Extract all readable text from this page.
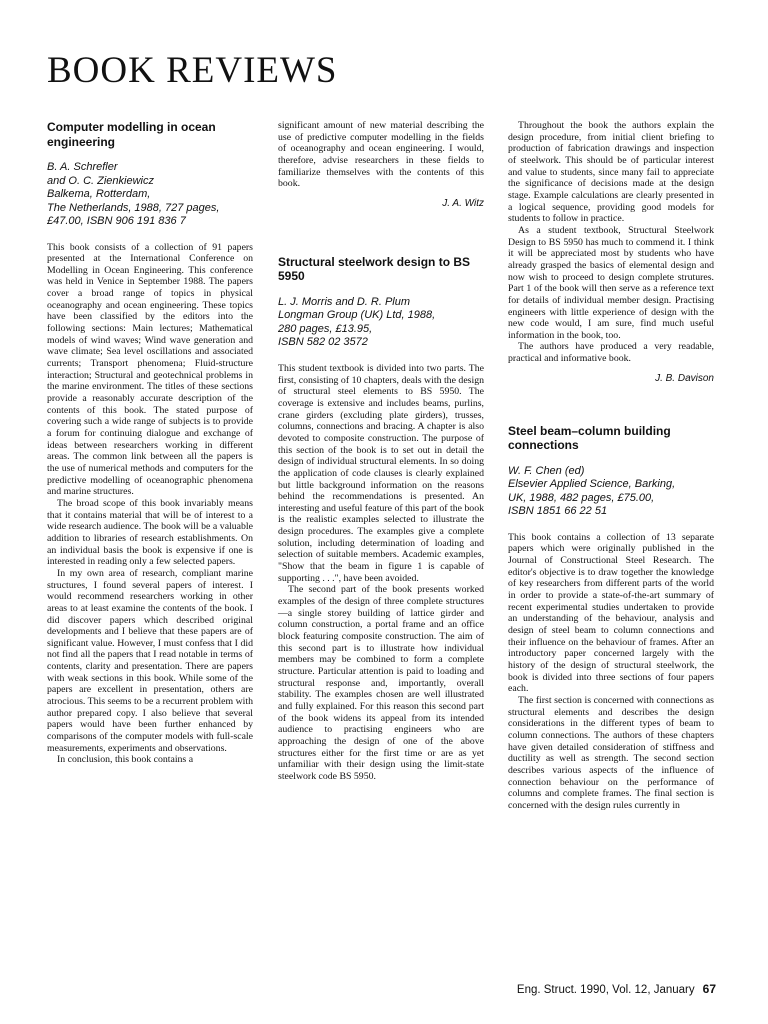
BOOK REVIEWS
Computer modelling in ocean engineering
B. A. Schrefler
and O. C. Zienkiewicz
Balkema, Rotterdam,
The Netherlands, 1988, 727 pages,
£47.00, ISBN 906 191 836 7

This book consists of a collection of 91 papers presented at the International Conference on Modelling in Ocean Engineering. This conference was held in Venice in September 1988. The papers cover a broad range of topics in physical oceanography and ocean engineering. These topics have been classified by the editors into the following sections: Main lectures; Mathematical models of wind waves; Wind wave generation and wave climate; Sea level oscillations and associated currents; Transport phenomena; Fluid-structure interaction; Structural and geotechnical problems in the marine environment. The titles of these sections provide a reasonably accurate description of the contents of this book. The stated purpose of covering such a wide range of subjects is to provide a forum for continuing dialogue and exchange of ideas between researchers working in different areas. The common link between all the papers is the use of numerical methods and computers for the predictive modelling of oceanographic phenomena and marine structures.

The broad scope of this book invariably means that it contains material that will be of interest to a wide research audience. The book will be a valuable addition to libraries of research establishments. On an individual basis the book is expensive if one is interested in reading only a few selected papers.

In my own area of research, compliant marine structures, I found several papers of interest. I would recommend researchers working in other areas to at least examine the contents of the book. I did discover papers which described original developments and I believe that these papers are of significant value. However, I must confess that I did not find all the papers that I read notable in terms of contents, clarity and presentation. There are papers with weak sections in this book. While some of the papers are excellent in presentation, others are atrocious. This seems to be a recurrent problem with author prepared copy. I also believe that several papers would have been further enhanced by comparisons of the computer models with full-scale measurements, experiments and observations.

In conclusion, this book contains a

significant amount of new material describing the use of predictive computer modelling in the fields of oceanography and ocean engineering. I would, therefore, advise researchers in these fields to familiarize themselves with the contents of this book.

J. A. Witz
Structural steelwork design to BS 5950
L. J. Morris and D. R. Plum
Longman Group (UK) Ltd, 1988,
280 pages, £13.95,
ISBN 582 02 3572

This student textbook is divided into two parts. The first, consisting of 10 chapters, deals with the design of structural steel elements to BS 5950. The coverage is extensive and includes beams, purlins, crane girders (excluding plate girders), trusses, columns, connections and bracing. A chapter is also devoted to composite construction. The purpose of this section of the book is to set out in detail the design of individual structural elements. In so doing the application of code clauses is clearly explained but little background information on the reasons behind the recommendations is presented. An interesting and useful feature of this part of the book is the realistic examples selected to illustrate the design procedures. The examples give a complete solution, including determination of loading and selection of suitable members. Academic examples, "Show that the beam in figure 1 is capable of supporting . . .", have been avoided.

The second part of the book presents worked examples of the design of three complete structures—a single storey building of lattice girder and column construction, a portal frame and an office block featuring composite construction. The aim of this second part is to illustrate how individual members may be combined to form a complete structure. Particular attention is paid to loading and structural response and, importantly, overall stability. The examples chosen are well illustrated and fully explained. For this reason this second part of the book widens its appeal from its intended audience to practising engineers who are approaching the design of one of the above structures either for the first time or are as yet unfamiliar with their design using the limit-state steelwork code BS 5950.

Throughout the book the authors explain the design procedure, from initial client briefing to production of fabrication drawings and inspection of steelwork. This should be of particular interest and value to students, since many fail to appreciate the significance of decisions made at the design stage. Example calculations are clearly presented in a logical sequence, providing good models for students to follow in practice.

As a student textbook, Structural Steelwork Design to BS 5950 has much to commend it. I think it will be appreciated most by students who have already grasped the basics of elemental design and now wish to proceed to design complete strutures. Part 1 of the book will then serve as a reference text for details of individual member design. Practising engineers with little experience of design with the new code would, I am sure, find much useful information in the book, too.

The authors have produced a very readable, practical and informative book.

J. B. Davison
Steel beam–column building connections
W. F. Chen (ed)
Elsevier Applied Science, Barking,
UK, 1988, 482 pages, £75.00,
ISBN 1851 66 22 51

This book contains a collection of 13 separate papers which were originally published in the Journal of Constructional Steel Research. The editor's objective is to draw together the knowledge of key researchers from different parts of the world in order to provide a state-of-the-art summary of recent experimental studies undertaken to provide an understanding of the behaviour, analysis and design of steel beam to column connections and their influence on the behaviour of frames. After an introductory paper concerned largely with the history of the design of structural steelwork, the book is divided into three sections of four papers each.

The first section is concerned with connections as structural elements and describes the design considerations in the different types of beam to column connections. The authors of these chapters have given detailed consideration of stiffness and ductility as well as strength. The second section describes various aspects of the influence of connection behaviour on the performance of columns and complete frames. The final section is concerned with the design rules currently in

Eng. Struct. 1990, Vol. 12, January 67
